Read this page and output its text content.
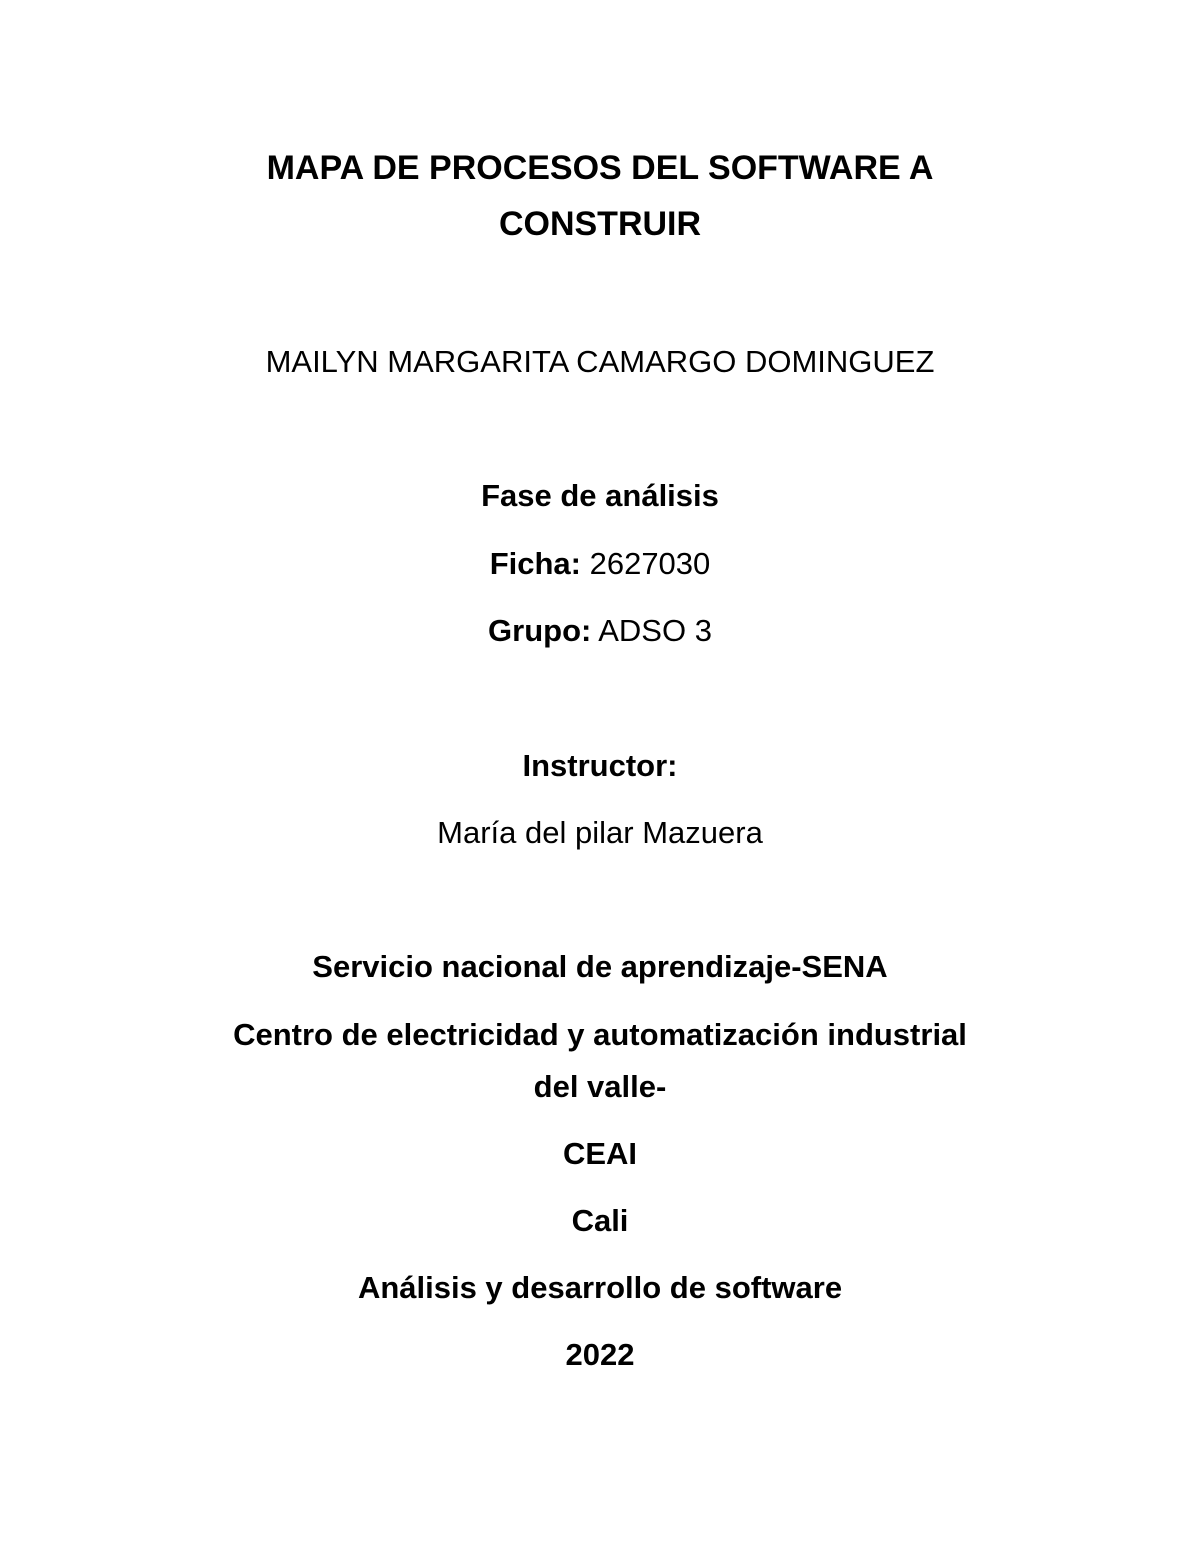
MAPA DE PROCESOS DEL SOFTWARE A
CONSTRUIR
MAILYN MARGARITA CAMARGO DOMINGUEZ
Fase de análisis
Ficha: 2627030
Grupo: ADSO 3
Instructor:
María del pilar Mazuera
Servicio nacional de aprendizaje-SENA
Centro de electricidad y automatización industrial
del valle-
CEAI
Cali
Análisis y desarrollo de software
2022
